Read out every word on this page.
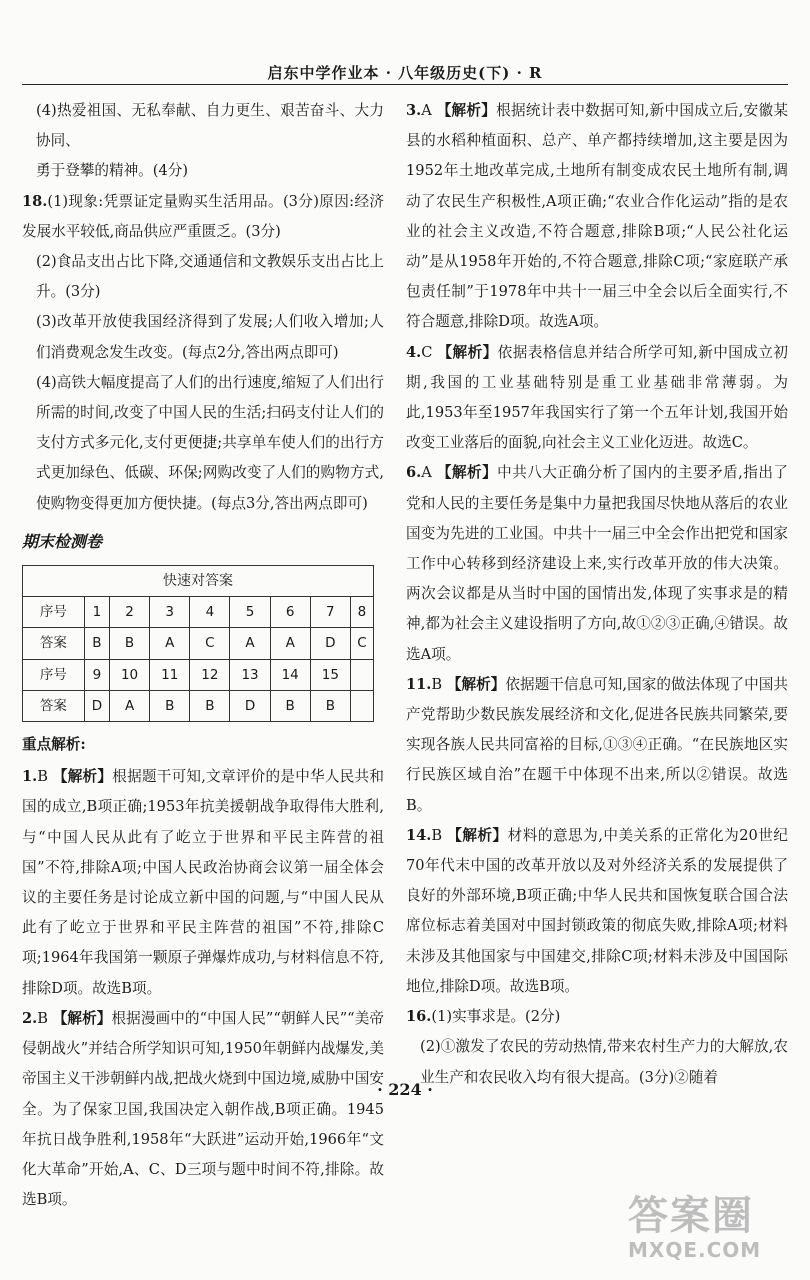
启东中学作业本 · 八年级历史(下) · R

(4)热爱祖国、无私奉献、自力更生、艰苦奋斗、大力协同、

勇于登攀的精神。(4分)

18.(1)现象:凭票证定量购买生活用品。(3分)原因:经济发展水平较低,商品供应严重匮乏。(3分)

(2)食品支出占比下降,交通通信和文教娱乐支出占比上升。(3分)

(3)改革开放使我国经济得到了发展;人们收入增加;人们消费观念发生改变。(每点2分,答出两点即可)

(4)高铁大幅度提高了人们的出行速度,缩短了人们出行所需的时间,改变了中国人民的生活;扫码支付让人们的支付方式多元化,支付更便捷;共享单车使人们的出行方式更加绿色、低碳、环保;网购改变了人们的购物方式,使购物变得更加方便快捷。(每点3分,答出两点即可)

期末检测卷
快速对答案								
序号	1	2	3	4	5	6	7	8
答案	B	B	A	C	A	A	D	C
序号	9	10	11	12	13	14	15	
答案	D	A	B	B	D	B	B	
重点解析:

1.B 【解析】根据题干可知,文章评价的是中华人民共和国的成立,B项正确;1953年抗美援朝战争取得伟大胜利,与“中国人民从此有了屹立于世界和平民主阵营的祖国”不符,排除A项;中国人民政治协商会议第一届全体会议的主要任务是讨论成立新中国的问题,与“中国人民从此有了屹立于世界和平民主阵营的祖国”不符,排除C项;1964年我国第一颗原子弹爆炸成功,与材料信息不符,排除D项。故选B项。

2.B 【解析】根据漫画中的“中国人民”“朝鲜人民”“美帝侵朝战火”并结合所学知识可知,1950年朝鲜内战爆发,美帝国主义干涉朝鲜内战,把战火烧到中国边境,威胁中国安全。为了保家卫国,我国决定入朝作战,B项正确。1945年抗日战争胜利,1958年“大跃进”运动开始,1966年“文化大革命”开始,A、C、D三项与题中时间不符,排除。故选B项。

3.A 【解析】根据统计表中数据可知,新中国成立后,安徽某县的水稻种植面积、总产、单产都持续增加,这主要是因为1952年土地改革完成,土地所有制变成农民土地所有制,调动了农民生产积极性,A项正确;“农业合作化运动”指的是农业的社会主义改造,不符合题意,排除B项;“人民公社化运动”是从1958年开始的,不符合题意,排除C项;“家庭联产承包责任制”于1978年中共十一届三中全会以后全面实行,不符合题意,排除D项。故选A项。

4.C 【解析】依据表格信息并结合所学可知,新中国成立初期,我国的工业基础特别是重工业基础非常薄弱。为此,1953年至1957年我国实行了第一个五年计划,我国开始改变工业落后的面貌,向社会主义工业化迈进。故选C。

6.A 【解析】中共八大正确分析了国内的主要矛盾,指出了党和人民的主要任务是集中力量把我国尽快地从落后的农业国变为先进的工业国。中共十一届三中全会作出把党和国家工作中心转移到经济建设上来,实行改革开放的伟大决策。两次会议都是从当时中国的国情出发,体现了实事求是的精神,都为社会主义建设指明了方向,故①②③正确,④错误。故选A项。

11.B 【解析】依据题干信息可知,国家的做法体现了中国共产党帮助少数民族发展经济和文化,促进各民族共同繁荣,要实现各族人民共同富裕的目标,①③④正确。“在民族地区实行民族区域自治”在题干中体现不出来,所以②错误。故选B。

14.B 【解析】材料的意思为,中美关系的正常化为20世纪70年代末中国的改革开放以及对外经济关系的发展提供了良好的外部环境,B项正确;中华人民共和国恢复联合国合法席位标志着美国对中国封锁政策的彻底失败,排除A项;材料未涉及其他国家与中国建交,排除C项;材料未涉及中国国际地位,排除D项。故选B项。

16.(1)实事求是。(2分)

(2)①激发了农民的劳动热情,带来农村生产力的大解放,农业生产和农民收入均有很大提高。(3分)②随着

· 224 ·
答案圈
MXQE.COM
